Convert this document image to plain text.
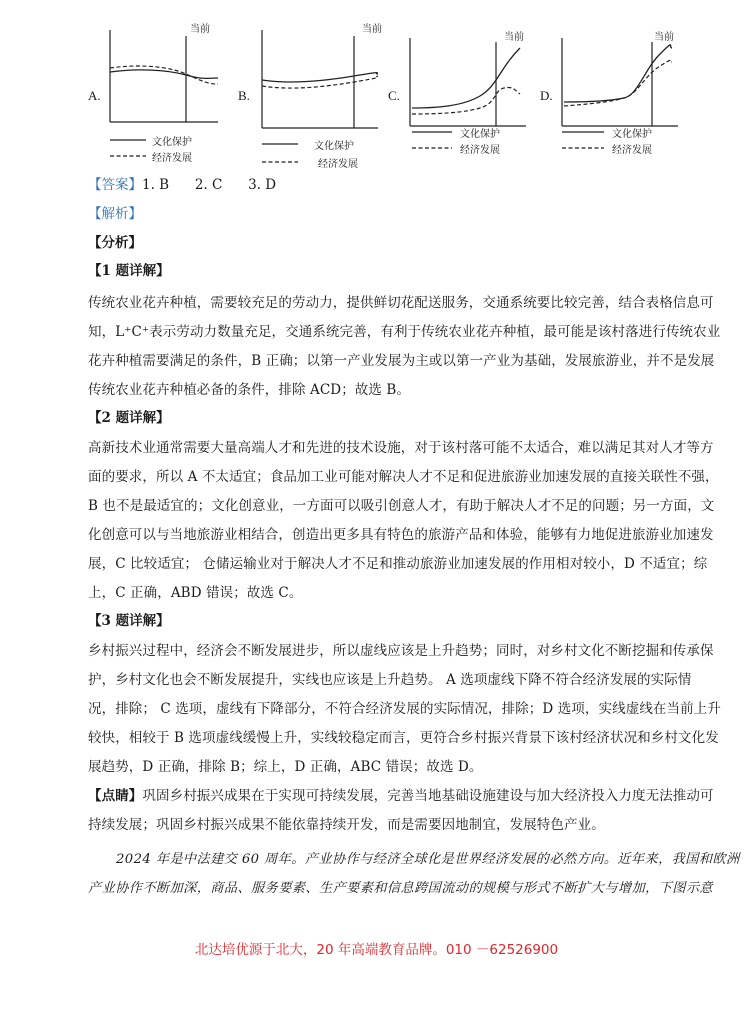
A.
当前
文化保护
经济发展
B.
当前
文化保护
经济发展
C.
当前
文化保护
经济发展
D.
当前
文化保护
经济发展
【答案】1. B      2. C      3. D
【解析】
【分析】
【1 题详解】
传统农业花卉种植，需要较充足的劳动力，提供鲜切花配送服务，交通系统要比较完善，结合表格信息可
知，L⁺C⁺表示劳动力数量充足，交通系统完善，有利于传统农业花卉种植，最可能是该村落进行传统农业
花卉种植需要满足的条件，B 正确；以第一产业发展为主或以第一产业为基础，发展旅游业，并不是发展
传统农业花卉种植必备的条件，排除 ACD；故选 B。
【2 题详解】
高新技术业通常需要大量高端人才和先进的技术设施，对于该村落可能不太适合，难以满足其对人才等方
面的要求，所以 A 不太适宜；食品加工业可能对解决人才不足和促进旅游业加速发展的直接关联性不强，
B 也不是最适宜的；文化创意业，一方面可以吸引创意人才，有助于解决人才不足的问题；另一方面，文
化创意可以与当地旅游业相结合，创造出更多具有特色的旅游产品和体验，能够有力地促进旅游业加速发
展，C 比较适宜； 仓储运输业对于解决人才不足和推动旅游业加速发展的作用相对较小，D 不适宜；综
上，C 正确，ABD 错误；故选 C。
【3 题详解】
乡村振兴过程中，经济会不断发展进步，所以虚线应该是上升趋势；同时，对乡村文化不断挖掘和传承保
护，乡村文化也会不断发展提升，实线也应该是上升趋势。 A 选项虚线下降不符合经济发展的实际情
况，排除； C 选项，虚线有下降部分，不符合经济发展的实际情况，排除；D 选项，实线虚线在当前上升
较快，相较于 B 选项虚线缓慢上升，实线较稳定而言，更符合乡村振兴背景下该村经济状况和乡村文化发
展趋势，D 正确，排除 B；综上，D 正确，ABC 错误；故选 D。
【点睛】巩固乡村振兴成果在于实现可持续发展，完善当地基础设施建设与加大经济投入力度无法推动可
持续发展；巩固乡村振兴成果不能依靠持续开发，而是需要因地制宜，发展特色产业。
2024 年是中法建交 60 周年。产业协作与经济全球化是世界经济发展的必然方向。近年来，我国和欧洲
产业协作不断加深，商品、服务要素、生产要素和信息跨国流动的规模与形式不断扩大与增加，下图示意
北达培优源于北大，20 年高端教育品牌。010 －62526900
